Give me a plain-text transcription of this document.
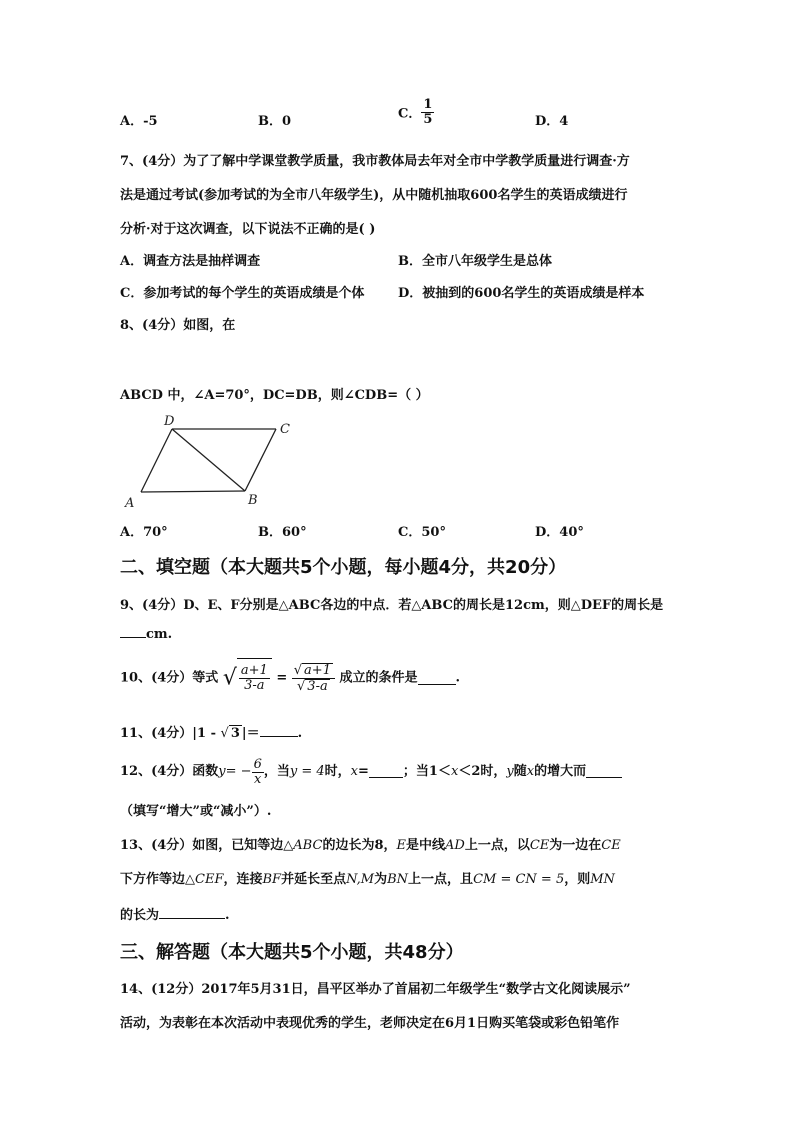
A．-5	B．0	C． $\frac{1}{5}$	D．4
7、(4分）为了了解中学课堂教学质量，我市教体局去年对全市中学教学质量进行调查·方
法是通过考试(参加考试的为全市八年级学生)，从中随机抽取600名学生的英语成绩进行
分析·对于这次调查，以下说法不正确的是( )
A．调查方法是抽样调查	B．全市八年级学生是总体
C．参加考试的每个学生的英语成绩是个体	D．被抽到的600名学生的英语成绩是样本
8、(4分）如图，在
ABCD 中，∠A=70°，DC=DB，则∠CDB=（ ）
D
C
A	B
A．70°	B．60°	C．50°	D．40°
二、填空题（本大题共5个小题，每小题4分，共20分）
9、(4分）D、E、F分别是△ABC各边的中点．若△ABC的周长是12cm，则△DEF的周长是
cm.
10、(4分）等式 √ $\frac{a+1}{3-a} = \frac{√ a+1}{√ 3-a}$ 成立的条件是	.
11、(4分）|1 - √ 3 |＝	.
12、(4分）函数$y= - \frac{6}{x}$ ，当y = 4时，x=	；当1＜x＜2时，y随x的增大而
（填写“增大”或“减小”）.
13、(4分）如图，已知等边△ABC的边长为8，E是中线AD上一点，以CE为一边在CE
下方作等边△CEF，连接BF并延长至点N,M为BN上一点，且CM = CN = 5，则MN
的长为	.
三、解答题（本大题共5个小题，共48分）
14、(12分）2017年5月31日，昌平区举办了首届初二年级学生“数学古文化阅读展示”
活动，为表彰在本次活动中表现优秀的学生，老师决定在6月1日购买笔袋或彩色铅笔作
